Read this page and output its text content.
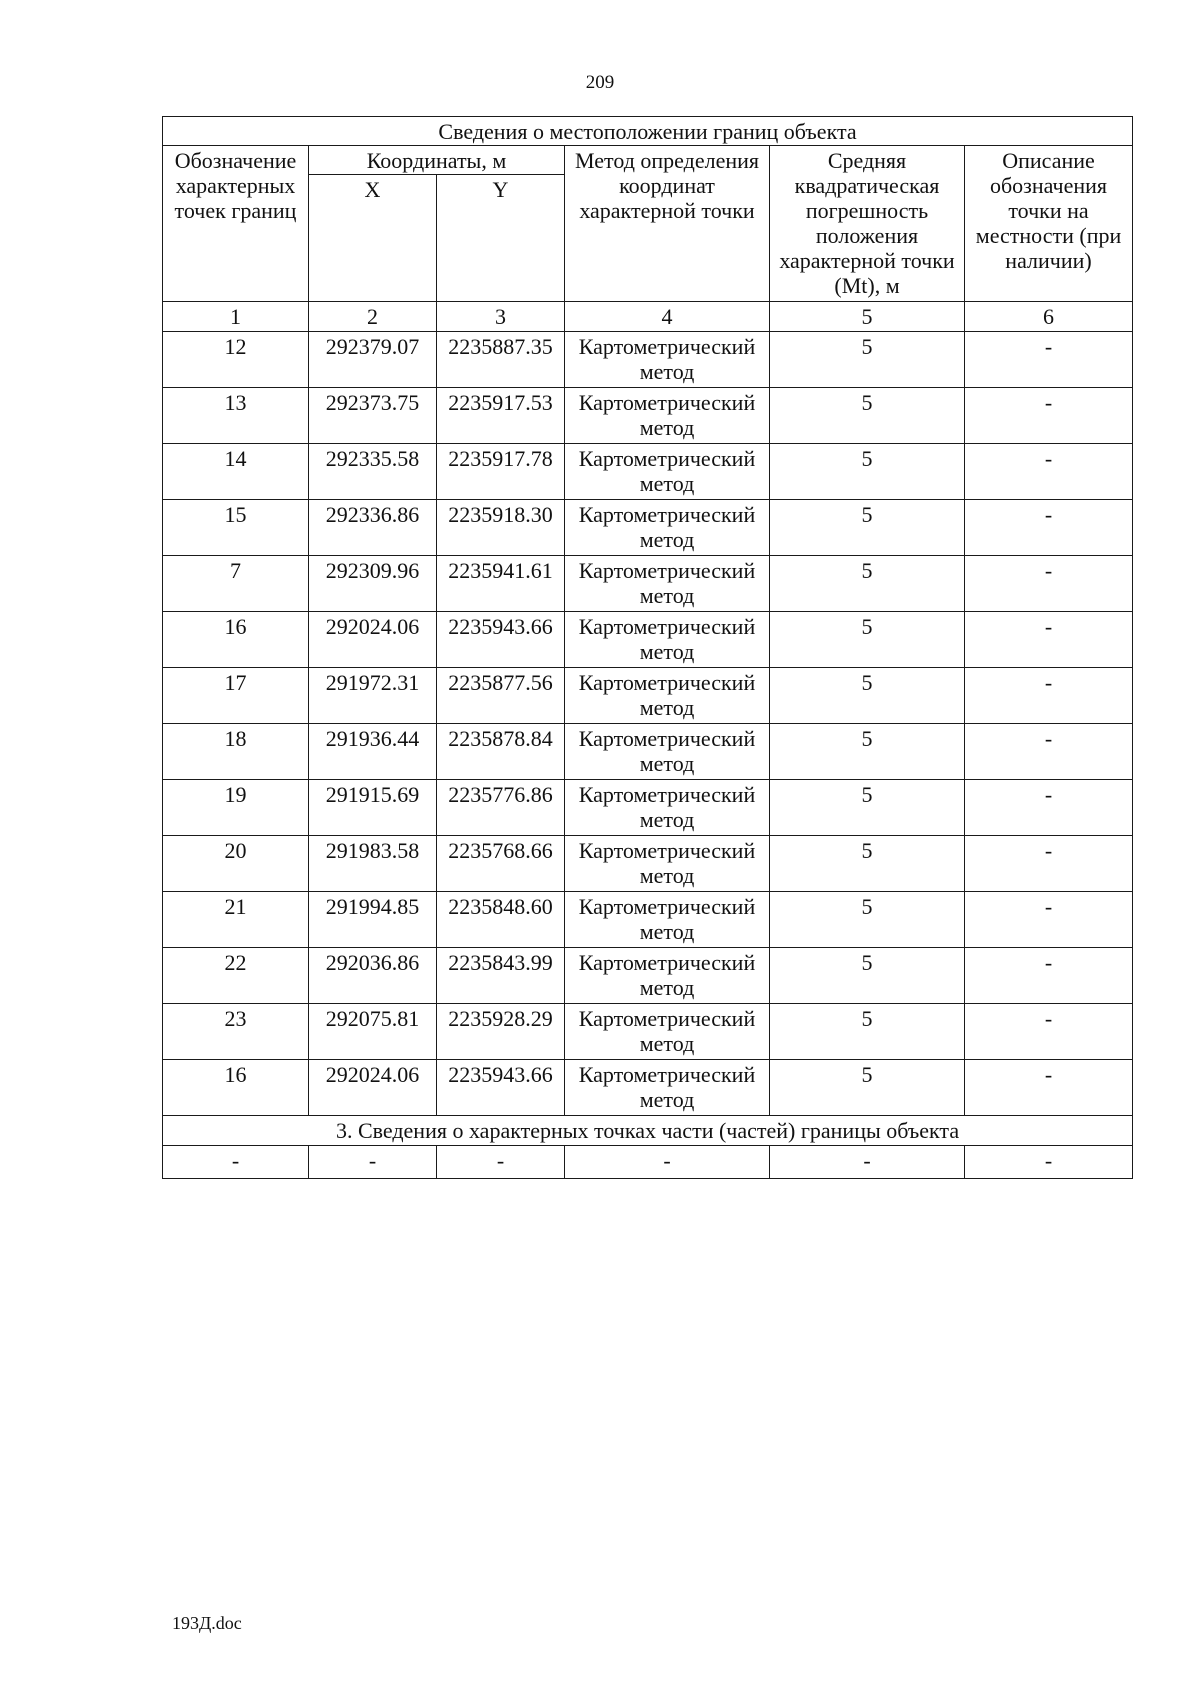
209
Сведения о местоположении границ объекта					
Обозначение характерных точек границ	Координаты, м		Метод определения координат характерной точки	Средняя квадратическая погрешность положения характерной точки (Mt), м	Описание обозначения точки на местности (при наличии)
	X	Y			
1	2	3	4	5	6
12	292379.07	2235887.35	Картометрический метод	5	-
13	292373.75	2235917.53	Картометрический метод	5	-
14	292335.58	2235917.78	Картометрический метод	5	-
15	292336.86	2235918.30	Картометрический метод	5	-
7	292309.96	2235941.61	Картометрический метод	5	-
16	292024.06	2235943.66	Картометрический метод	5	-
17	291972.31	2235877.56	Картометрический метод	5	-
18	291936.44	2235878.84	Картометрический метод	5	-
19	291915.69	2235776.86	Картометрический метод	5	-
20	291983.58	2235768.66	Картометрический метод	5	-
21	291994.85	2235848.60	Картометрический метод	5	-
22	292036.86	2235843.99	Картометрический метод	5	-
23	292075.81	2235928.29	Картометрический метод	5	-
16	292024.06	2235943.66	Картометрический метод	5	-
3. Сведения о характерных точках части (частей) границы объекта					
-	-	-	-	-	-
193Д.doc
